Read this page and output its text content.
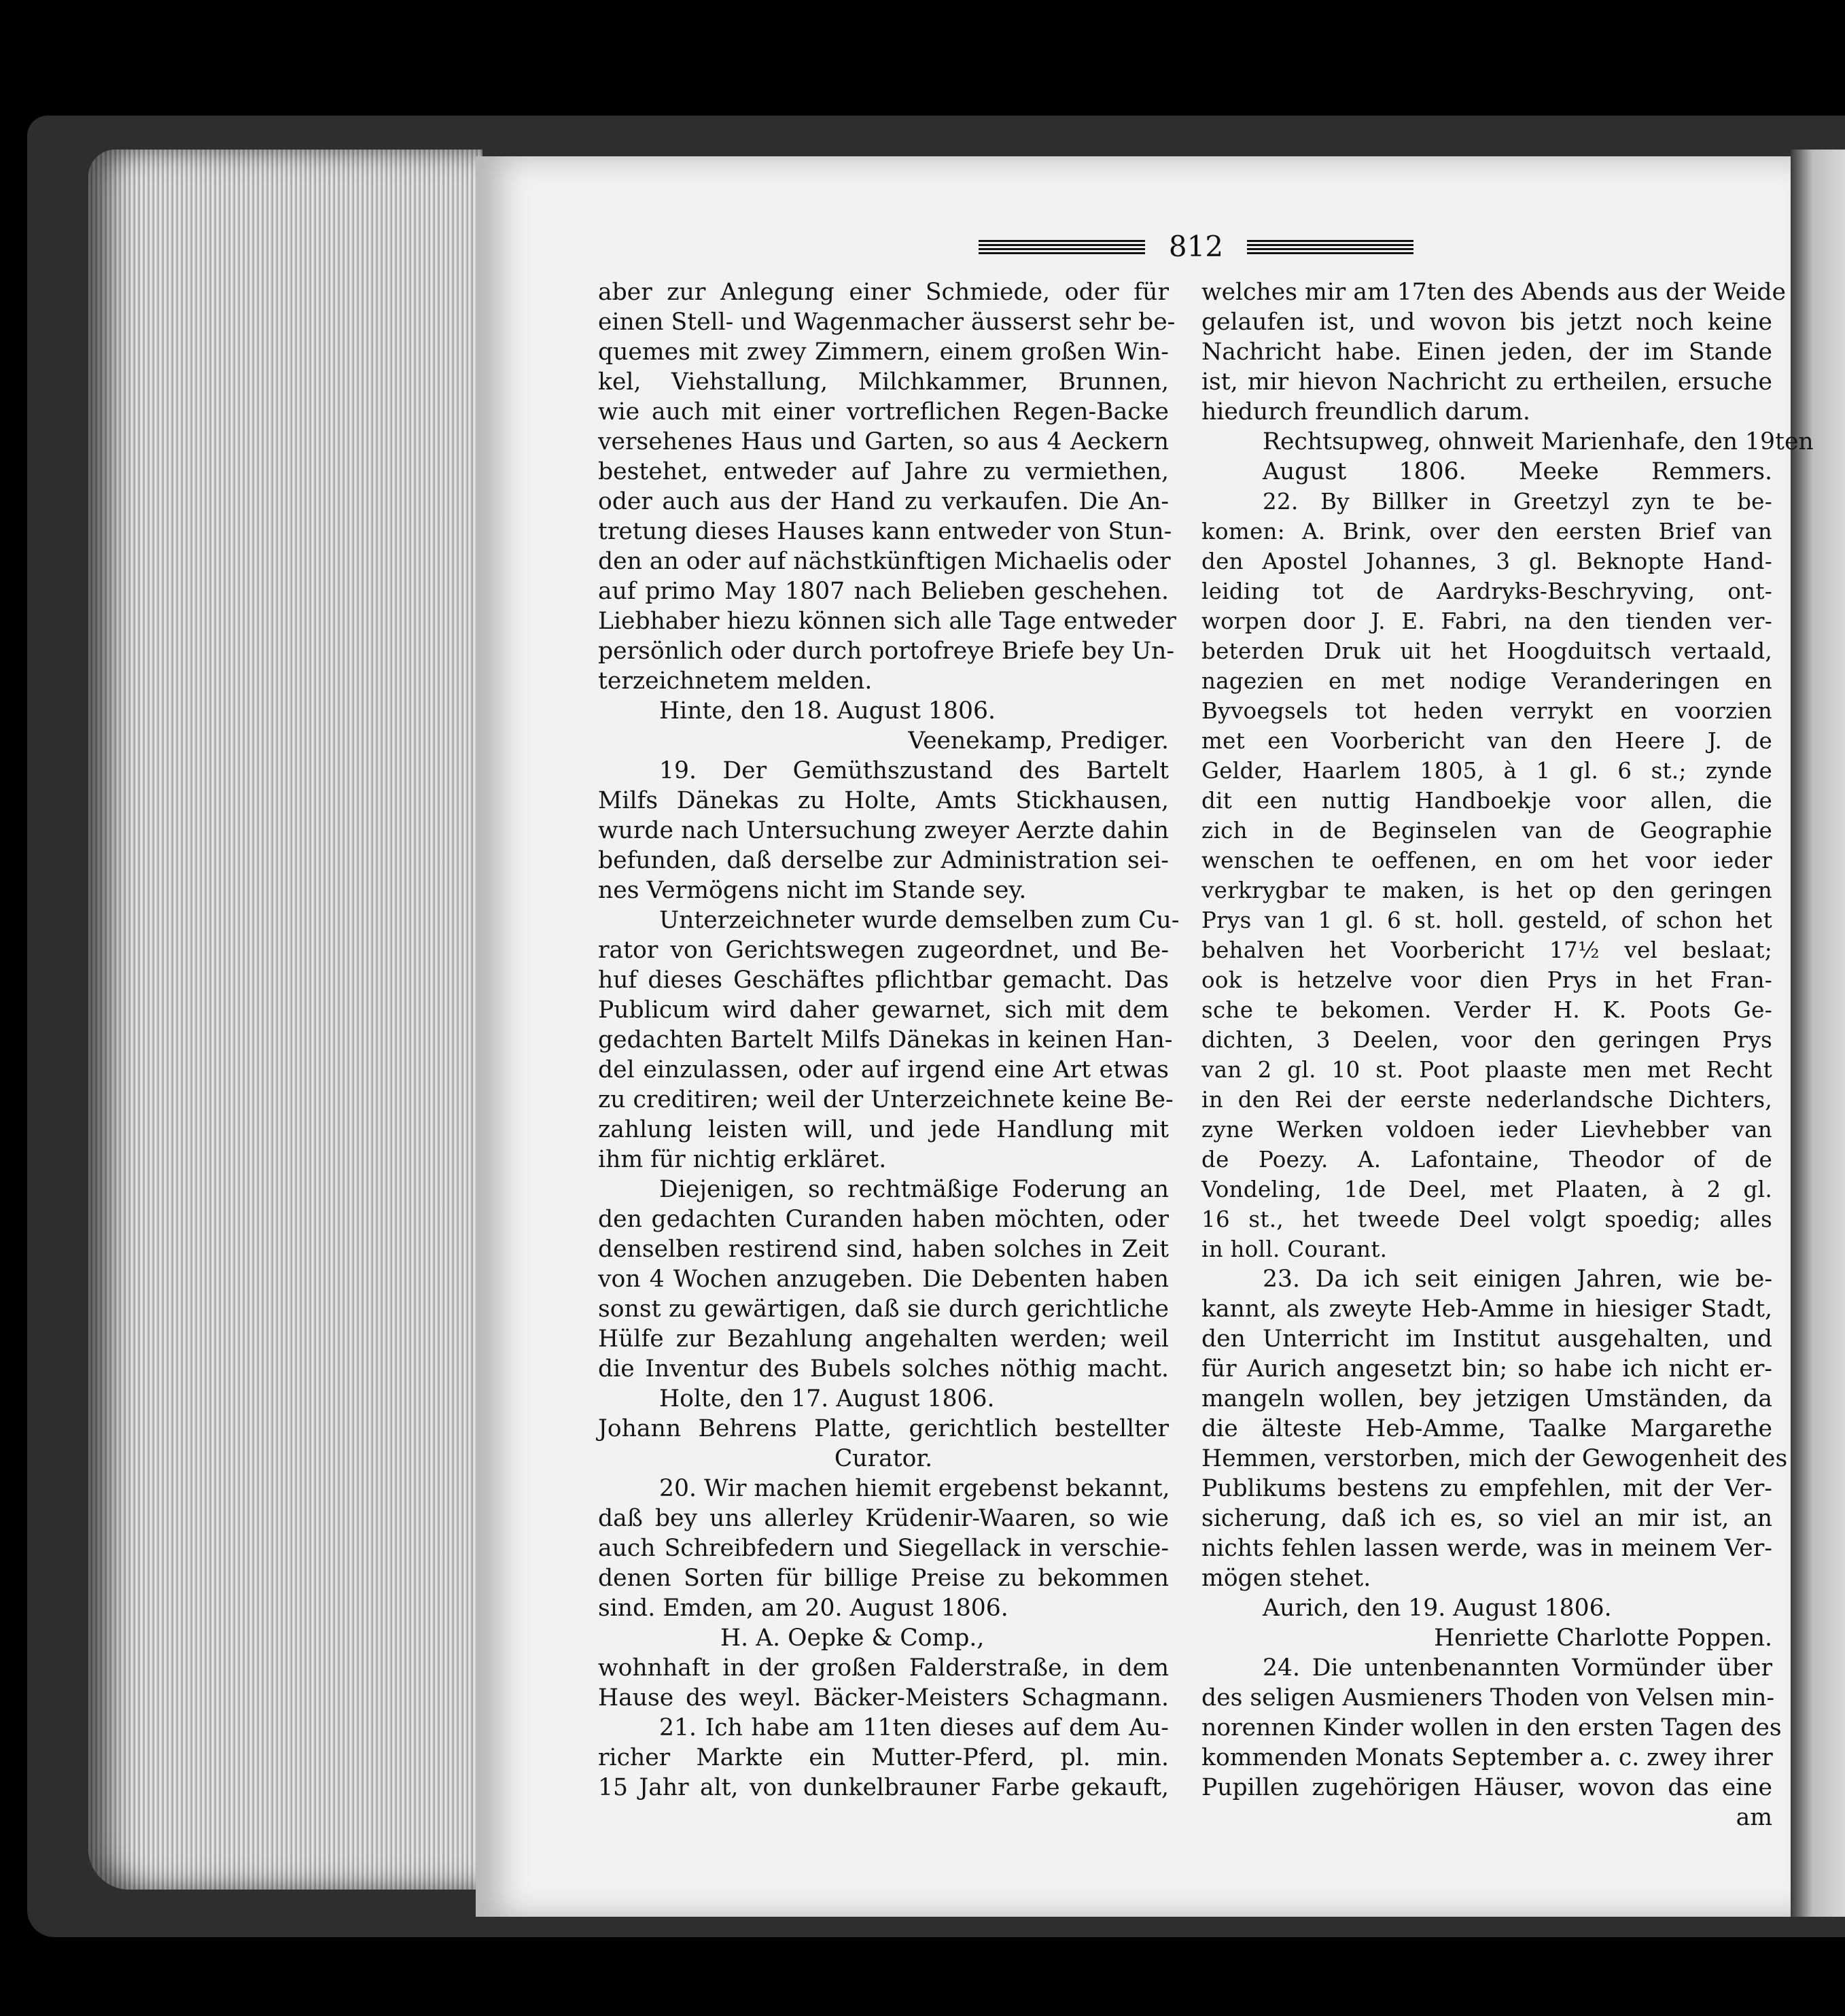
812
aber zur Anlegung einer Schmiede, oder für
einen Stell- und Wagenmacher äusserst sehr be-
quemes mit zwey Zimmern, einem großen Win-
kel, Viehstallung, Milchkammer, Brunnen,
wie auch mit einer vortreflichen Regen-Backe
versehenes Haus und Garten, so aus 4 Aeckern
bestehet, entweder auf Jahre zu vermiethen,
oder auch aus der Hand zu verkaufen. Die An-
tretung dieses Hauses kann entweder von Stun-
den an oder auf nächstkünftigen Michaelis oder
auf primo May 1807 nach Belieben geschehen.
Liebhaber hiezu können sich alle Tage entweder
persönlich oder durch portofreye Briefe bey Un-
terzeichnetem melden.
Hinte, den 18. August 1806.
Veenekamp, Prediger.
19. Der Gemüthszustand des Bartelt
Milfs Dänekas zu Holte, Amts Stickhausen,
wurde nach Untersuchung zweyer Aerzte dahin
befunden, daß derselbe zur Administration sei-
nes Vermögens nicht im Stande sey.
Unterzeichneter wurde demselben zum Cu-
rator von Gerichtswegen zugeordnet, und Be-
huf dieses Geschäftes pflichtbar gemacht. Das
Publicum wird daher gewarnet, sich mit dem
gedachten Bartelt Milfs Dänekas in keinen Han-
del einzulassen, oder auf irgend eine Art etwas
zu creditiren; weil der Unterzeichnete keine Be-
zahlung leisten will, und jede Handlung mit
ihm für nichtig erkläret.
Diejenigen, so rechtmäßige Foderung an
den gedachten Curanden haben möchten, oder
denselben restirend sind, haben solches in Zeit
von 4 Wochen anzugeben. Die Debenten haben
sonst zu gewärtigen, daß sie durch gerichtliche
Hülfe zur Bezahlung angehalten werden; weil
die Inventur des Bubels solches nöthig macht.
Holte, den 17. August 1806.
Johann Behrens Platte, gerichtlich bestellter
Curator.
20. Wir machen hiemit ergebenst bekannt,
daß bey uns allerley Krüdenir-Waaren, so wie
auch Schreibfedern und Siegellack in verschie-
denen Sorten für billige Preise zu bekommen
sind. Emden, am 20. August 1806.
H. A. Oepke & Comp.,
wohnhaft in der großen Falderstraße, in dem
Hause des weyl. Bäcker-Meisters Schagmann.
21. Ich habe am 11ten dieses auf dem Au-
richer Markte ein Mutter-Pferd, pl. min.
15 Jahr alt, von dunkelbrauner Farbe gekauft,
welches mir am 17ten des Abends aus der Weide
gelaufen ist, und wovon bis jetzt noch keine
Nachricht habe. Einen jeden, der im Stande
ist, mir hievon Nachricht zu ertheilen, ersuche
hiedurch freundlich darum.
Rechtsupweg, ohnweit Marienhafe, den 19ten
August 1806. Meeke Remmers.
22. By Billker in Greetzyl zyn te be-
komen: A. Brink, over den eersten Brief van
den Apostel Johannes, 3 gl. Beknopte Hand-
leiding tot de Aardryks-Beschryving, ont-
worpen door J. E. Fabri, na den tienden ver-
beterden Druk uit het Hoogduitsch vertaald,
nagezien en met nodige Veranderingen en
Byvoegsels tot heden verrykt en voorzien
met een Voorbericht van den Heere J. de
Gelder, Haarlem 1805, à 1 gl. 6 st.; zynde
dit een nuttig Handboekje voor allen, die
zich in de Beginselen van de Geographie
wenschen te oeffenen, en om het voor ieder
verkrygbar te maken, is het op den geringen
Prys van 1 gl. 6 st. holl. gesteld, of schon het
behalven het Voorbericht 17½ vel beslaat;
ook is hetzelve voor dien Prys in het Fran-
sche te bekomen. Verder H. K. Poots Ge-
dichten, 3 Deelen, voor den geringen Prys
van 2 gl. 10 st. Poot plaaste men met Recht
in den Rei der eerste nederlandsche Dichters,
zyne Werken voldoen ieder Lievhebber van
de Poezy. A. Lafontaine, Theodor of de
Vondeling, 1de Deel, met Plaaten, à 2 gl.
16 st., het tweede Deel volgt spoedig; alles
in holl. Courant.
23. Da ich seit einigen Jahren, wie be-
kannt, als zweyte Heb-Amme in hiesiger Stadt,
den Unterricht im Institut ausgehalten, und
für Aurich angesetzt bin; so habe ich nicht er-
mangeln wollen, bey jetzigen Umständen, da
die älteste Heb-Amme, Taalke Margarethe
Hemmen, verstorben, mich der Gewogenheit des
Publikums bestens zu empfehlen, mit der Ver-
sicherung, daß ich es, so viel an mir ist, an
nichts fehlen lassen werde, was in meinem Ver-
mögen stehet.
Aurich, den 19. August 1806.
Henriette Charlotte Poppen.
24. Die untenbenannten Vormünder über
des seligen Ausmieners Thoden von Velsen min-
norennen Kinder wollen in den ersten Tagen des
kommenden Monats September a. c. zwey ihrer
Pupillen zugehörigen Häuser, wovon das eine
am
